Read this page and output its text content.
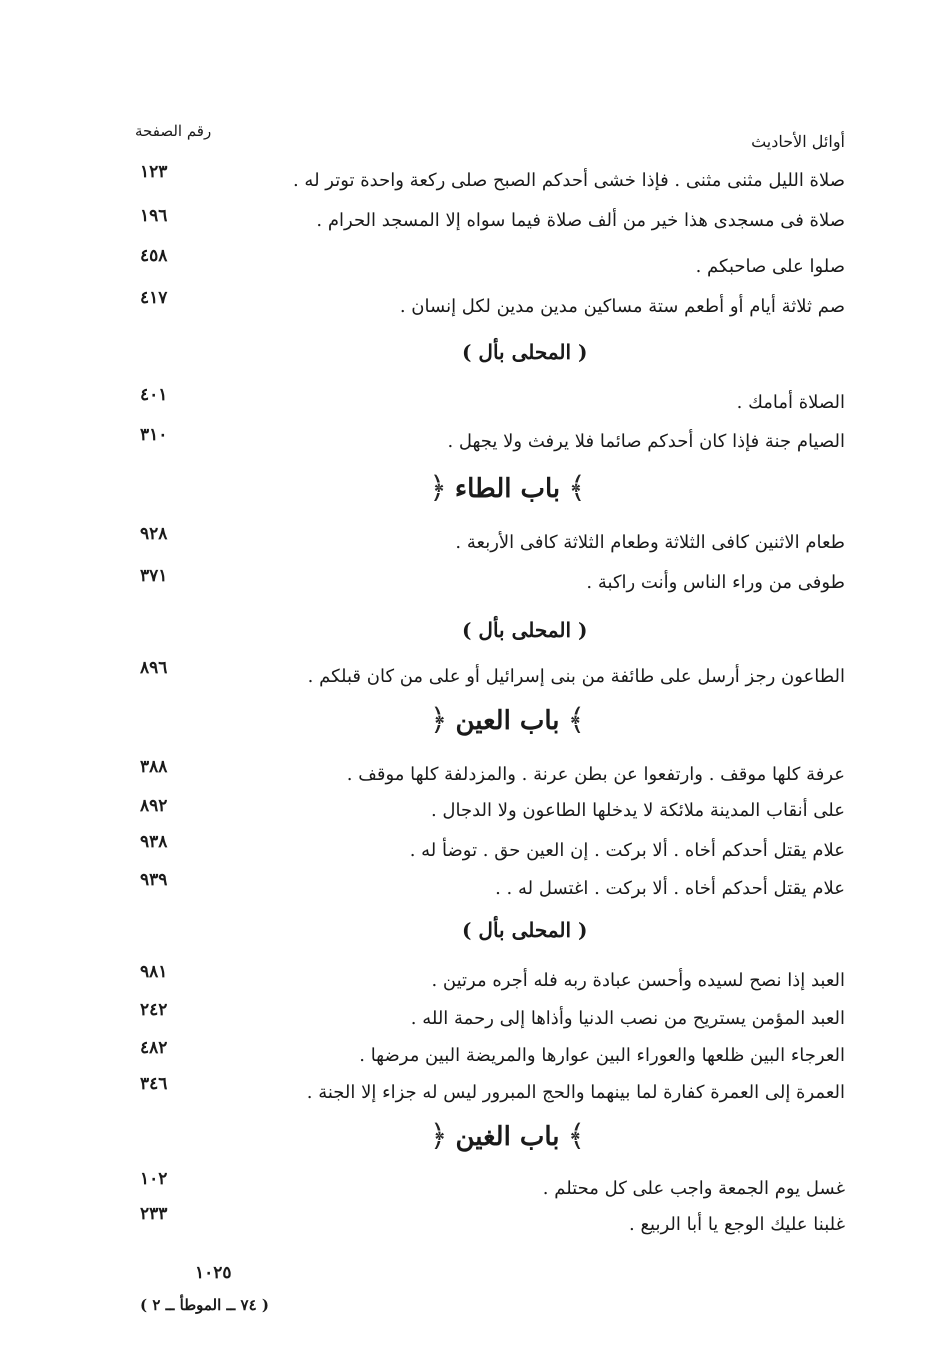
أوائل الأحاديث
رقم الصفحة
صلاة الليل مثنى مثنى . فإذا خشى أحدكم الصبح صلى ركعة واحدة توتر له .
١٢٣
صلاة فى مسجدى هذا خير من ألف صلاة فيما سواه إلا المسجد الحرام .
١٩٦
صلوا على صاحبكم .
٤٥٨
صم ثلاثة أيام أو أطعم ستة مساكين مدين مدين لكل إنسان .
٤١٧
( المحلى بأل )
الصلاة أمامك .
٤٠١
الصيام جنة فإذا كان أحدكم صائما فلا يرفث ولا يجهل .
٣١٠
﴾
باب الطاء
﴿
طعام الاثنين كافى الثلاثة وطعام الثلاثة كافى الأربعة .
٩٢٨
طوفى من وراء الناس وأنت راكبة .
٣٧١
( المحلى بأل )
الطاعون رجز أرسل على طائفة من بنى إسرائيل أو على من كان قبلكم .
٨٩٦
﴾
باب العين
﴿
عرفة كلها موقف . وارتفعوا عن بطن عرنة . والمزدلفة كلها موقف .
٣٨٨
على أنقاب المدينة ملائكة لا يدخلها الطاعون ولا الدجال .
٨٩٢
علام يقتل أحدكم أخاه . ألا بركت . إن العين حق . توضأ له .
٩٣٨
علام يقتل أحدكم أخاه . ألا بركت . اغتسل له . .
٩٣٩
( المحلى بأل )
العبد إذا نصح لسيده وأحسن عبادة ربه فله أجره مرتين .
٩٨١
العبد المؤمن يستريح من نصب الدنيا وأذاها إلى رحمة الله .
٢٤٢
العرجاء البين ظلعها والعوراء البين عوارها والمريضة البين مرضها .
٤٨٢
العمرة إلى العمرة كفارة لما بينهما والحج المبرور ليس له جزاء إلا الجنة .
٣٤٦
﴾
باب الغين
﴿
غسل يوم الجمعة واجب على كل محتلم .
١٠٢
غلبنا عليك الوجع يا أبا الربيع .
٢٣٣
١٠٢٥
( ٧٤ ــ الموطأ ــ ٢ )
